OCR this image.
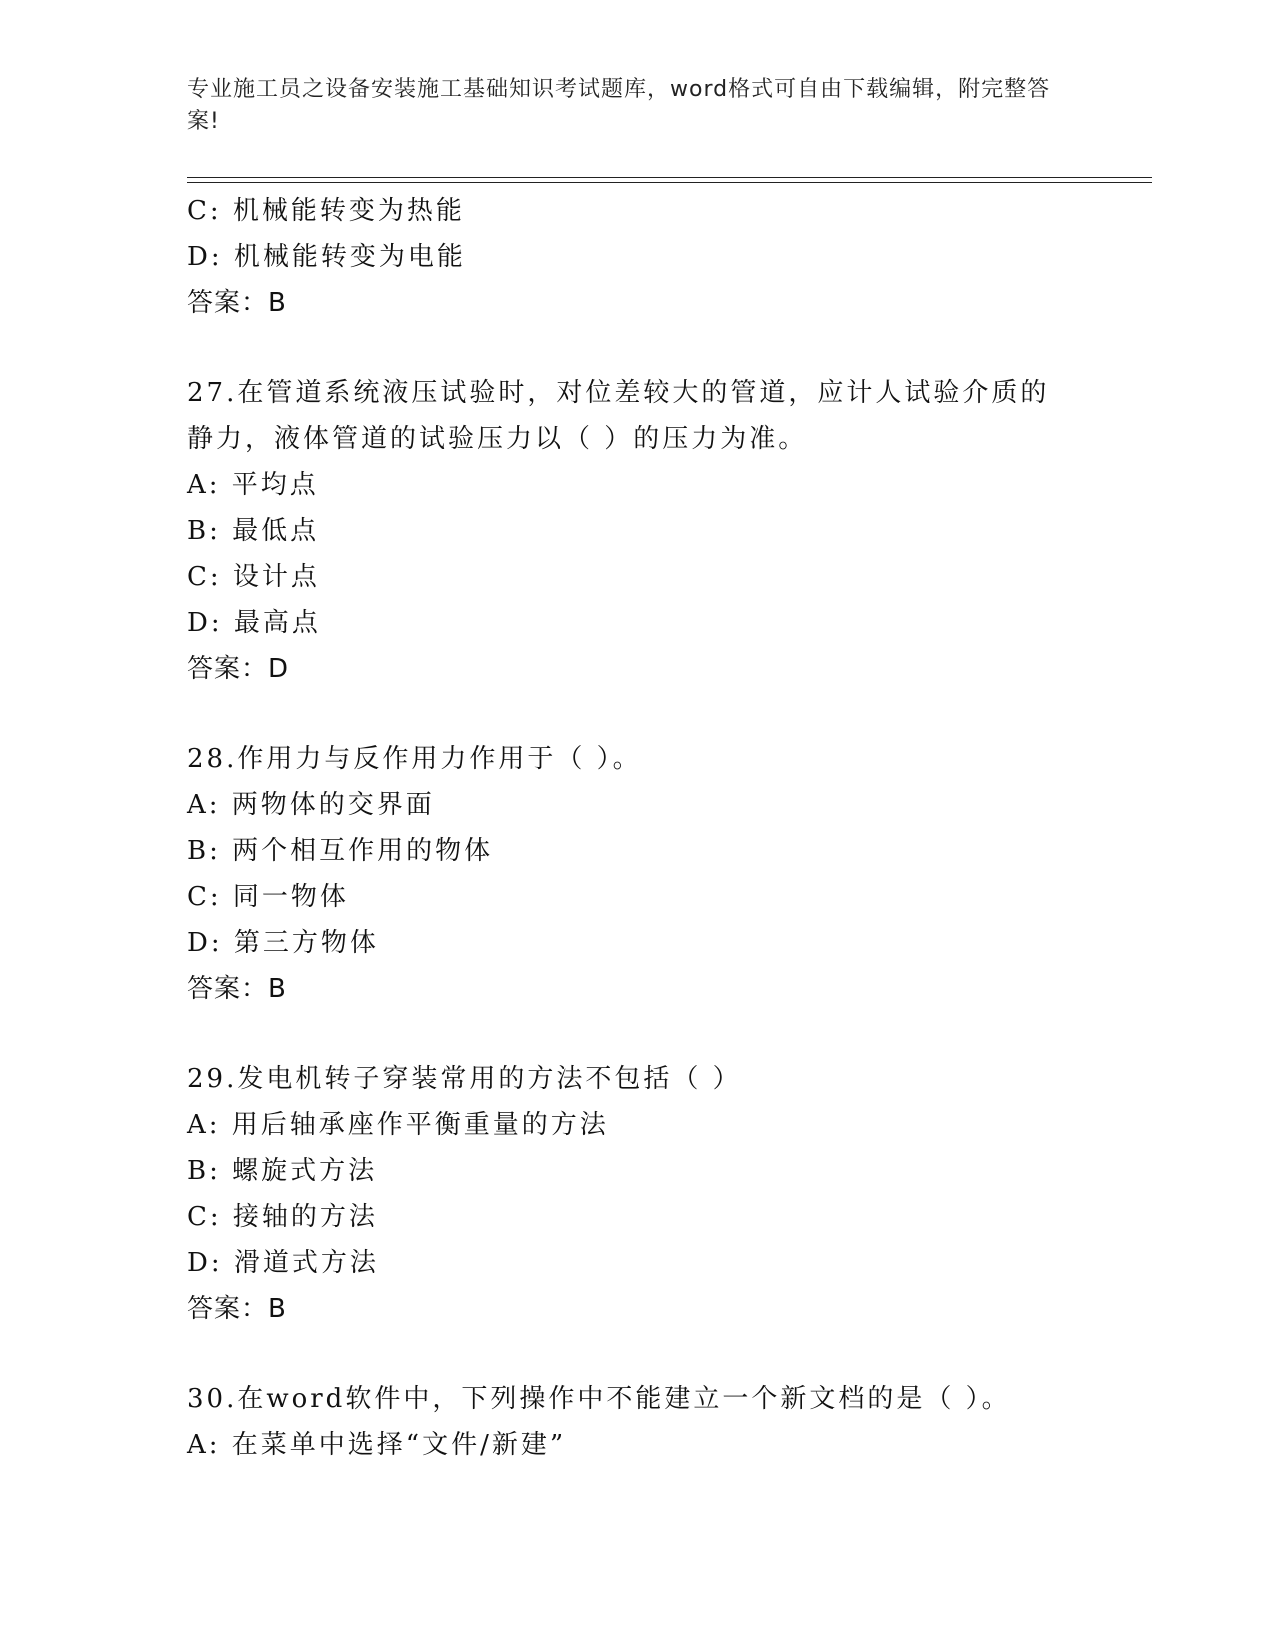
专业施工员之设备安装施工基础知识考试题库，word格式可自由下载编辑，附完整答案!
C: 机械能转变为热能
D: 机械能转变为电能
答案：B
27.在管道系统液压试验时，对位差较大的管道，应计人试验介质的静力，液体管道的试验压力以（ ）的压力为准。
A: 平均点
B: 最低点
C: 设计点
D: 最高点
答案：D
28.作用力与反作用力作用于（ ）。
A: 两物体的交界面
B: 两个相互作用的物体
C: 同一物体
D: 第三方物体
答案：B
29.发电机转子穿装常用的方法不包括（ ）
A: 用后轴承座作平衡重量的方法
B: 螺旋式方法
C: 接轴的方法
D: 滑道式方法
答案：B
30.在word软件中，下列操作中不能建立一个新文档的是（ ）。
A: 在菜单中选择“文件/新建”
